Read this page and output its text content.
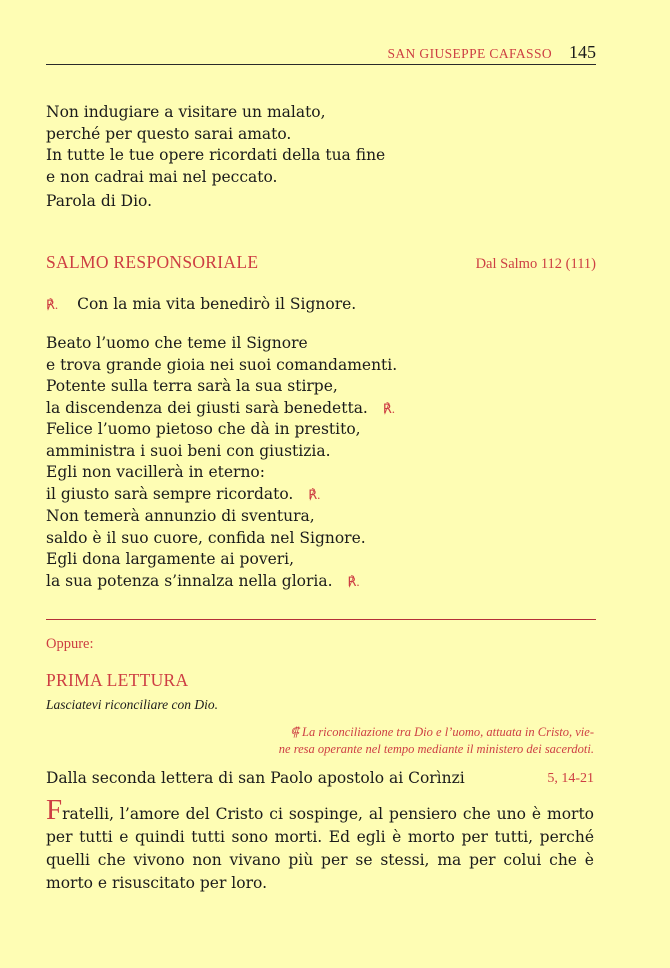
SAN GIUSEPPE CAFASSO 145
Non indugiare a visitare un malato,
perché per questo sarai amato.
In tutte le tue opere ricordati della tua fine
e non cadrai mai nel peccato.
Parola di Dio.
SALMO RESPONSORIALE	Dal Salmo 112 (111)
℟. Con la mia vita benedirò il Signore.
Beato l’uomo che teme il Signore
e trova grande gioia nei suoi comandamenti.
Potente sulla terra sarà la sua stirpe,
la discendenza dei giusti sarà benedetta. ℟.
Felice l’uomo pietoso che dà in prestito,
amministra i suoi beni con giustizia.
Egli non vacillerà in eterno:
il giusto sarà sempre ricordato. ℟.
Non temerà annunzio di sventura,
saldo è il suo cuore, confida nel Signore.
Egli dona largamente ai poveri,
la sua potenza s’innalza nella gloria. ℟.
Oppure:
PRIMA LETTURA
Lasciatevi riconciliare con Dio.
⸿ La riconciliazione tra Dio e l’uomo, attuata in Cristo, vie-
ne resa operante nel tempo mediante il ministero dei sacerdoti.
Dalla seconda lettera di san Paolo apostolo ai Corìnzi	5, 14-21
Fratelli, l’amore del Cristo ci sospinge, al pensiero che uno è morto per tutti e quindi tutti sono morti. Ed egli è morto per tutti, perché quelli che vivono non vivano più per se stessi, ma per colui che è morto e risuscitato per loro.
